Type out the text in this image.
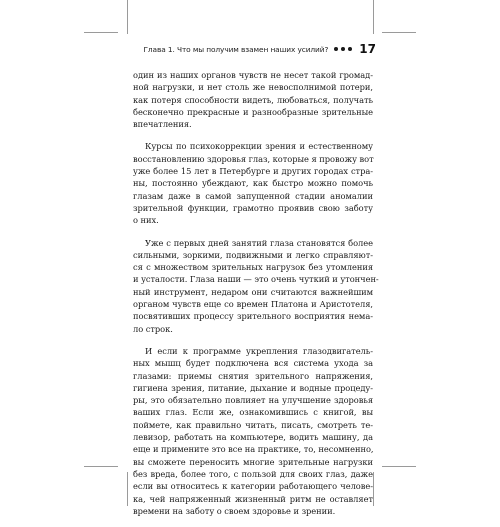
Глава 1. Что мы получим взамен наших усилий?	17
один из наших органов чувств не несет такой громад-
ной нагрузки, и нет столь же невосполнимой потери,
как потеря способности видеть, любоваться, получать
бесконечно прекрасные и разнообразные зрительные
впечатления.
Курсы по психокоррекции зрения и естественному
восстановлению здоровья глаз, которые я провожу вот
уже более 15 лет в Петербурге и других городах стра-
ны, постоянно убеждают, как быстро можно помочь
глазам даже в самой запущенной стадии аномалии
зрительной функции, грамотно проявив свою заботу
о них.
Уже с первых дней занятий глаза становятся более
сильными, зоркими, подвижными и легко справляют-
ся с множеством зрительных нагрузок без утомления
и усталости. Глаза наши — это очень чуткий и утончен-
ный инструмент, недаром они считаются важнейшим
органом чувств еще со времен Платона и Аристотеля,
посвятивших процессу зрительного восприятия нема-
ло строк.
И если к программе укрепления глазодвигатель-
ных мышц будет подключена вся система ухода за
глазами: приемы снятия зрительного напряжения,
гигиена зрения, питание, дыхание и водные процеду-
ры, это обязательно повлияет на улучшение здоровья
ваших глаз. Если же, ознакомившись с книгой, вы
поймете, как правильно читать, писать, смотреть те-
левизор, работать на компьютере, водить машину, да
еще и примените это все на практике, то, несомненно,
вы сможете переносить многие зрительные нагрузки
без вреда, более того, с пользой для своих глаз, даже
если вы относитесь к категории работающего челове-
ка, чей напряженный жизненный ритм не оставляет
времени на заботу о своем здоровье и зрении.
